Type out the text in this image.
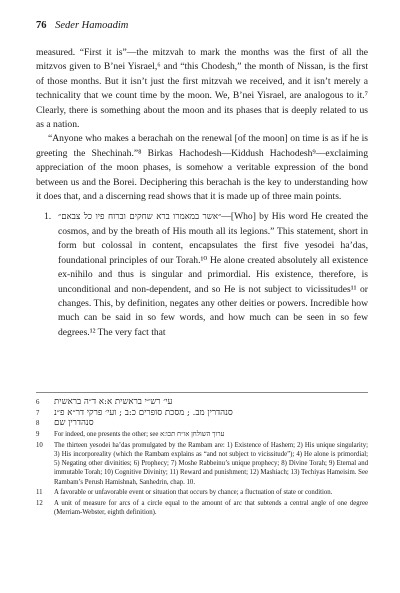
76 Seder Hamoadim

measured. “First it is”—the mitzvah to mark the months was the first of all the mitzvos given to B’nei Yisrael,⁶ and “this Chodesh,” the month of Nissan, is the first of those months. But it isn’t just the first mitzvah we received, and it isn’t merely a technicality that we count time by the moon. We, B’nei Yisrael, are analogous to it.⁷ Clearly, there is something about the moon and its phases that is deeply related to us as a nation.

“Anyone who makes a berachah on the renewal [of the moon] on time is as if he is greeting the Shechinah.”⁸ Birkas Hachodesh—Kiddush Hachodesh⁹—exclaiming appreciation of the moon phases, is somehow a veritable expression of the bond between us and the Borei. Deciphering this berachah is the key to understanding how it does that, and a discerning read shows that it is made up of three main points.

1. ״אשר במאמרו ברא שחקים וברוח פיו כל צבאם״—[Who] by His word He created the cosmos, and by the breath of His mouth all its legions.” This statement, short in form but colossal in content, encapsulates the first five yesodei ha’das, foundational principles of our Torah.¹⁰ He alone created absolutely all existence ex-nihilo and thus is singular and primordial. His existence, therefore, is unconditional and non-dependent, and so He is not subject to vicissitudes¹¹ or changes. This, by definition, negates any other deities or powers. Incredible how much can be said in so few words, and how much can be seen in so few degrees.¹² The very fact that
6 עי׳ רש״י בראשית א:א ד״ה בראשית
7 סנהדרין מב. ; מסכת סופרים כ:ב ; ועי׳ פרקי דר״א פ״נ
8 סנהדרין שם
9 For indeed, one presents the other; see ערוך השולחן או״ח תכו:א
10 The thirteen yesodei ha’das promulgated by the Rambam are: 1) Existence of Hashem; 2) His unique singularity; 3) His incorporeality (which the Rambam explains as “and not subject to vicissitude”); 4) He alone is primordial; 5) Negating other divinities; 6) Prophecy; 7) Moshe Rabbeinu’s unique prophecy; 8) Divine Torah; 9) Eternal and immutable Torah; 10) Cognitive Divinity; 11) Reward and punishment; 12) Mashiach; 13) Techiyas Hameisim. See Rambam’s Perush Hamishnah, Sanhedrin, chap. 10.
11 A favorable or unfavorable event or situation that occurs by chance; a fluctuation of state or condition.
12 A unit of measure for arcs of a circle equal to the amount of arc that subtends a central angle of one degree (Merriam-Webster, eighth definition).
